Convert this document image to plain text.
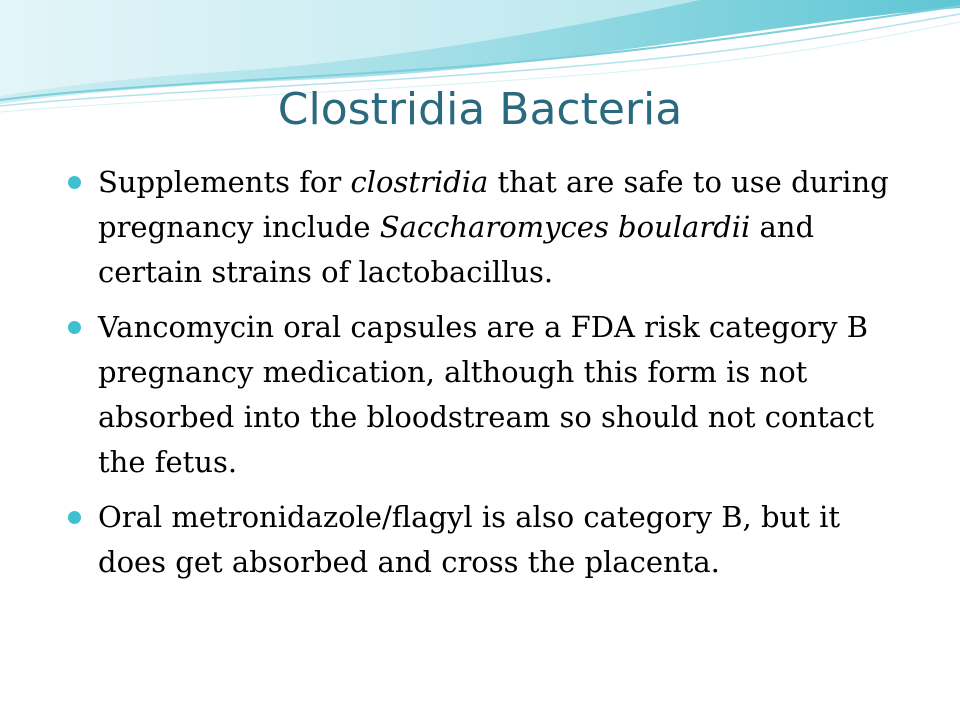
Clostridia Bacteria
Supplements for clostridia that are safe to use during pregnancy include Saccharomyces boulardii and certain strains of lactobacillus.
Vancomycin oral capsules are a FDA risk category B pregnancy medication, although this form is not absorbed into the bloodstream so should not contact the fetus.
Oral metronidazole/flagyl is also category B, but it does get absorbed and cross the placenta.
